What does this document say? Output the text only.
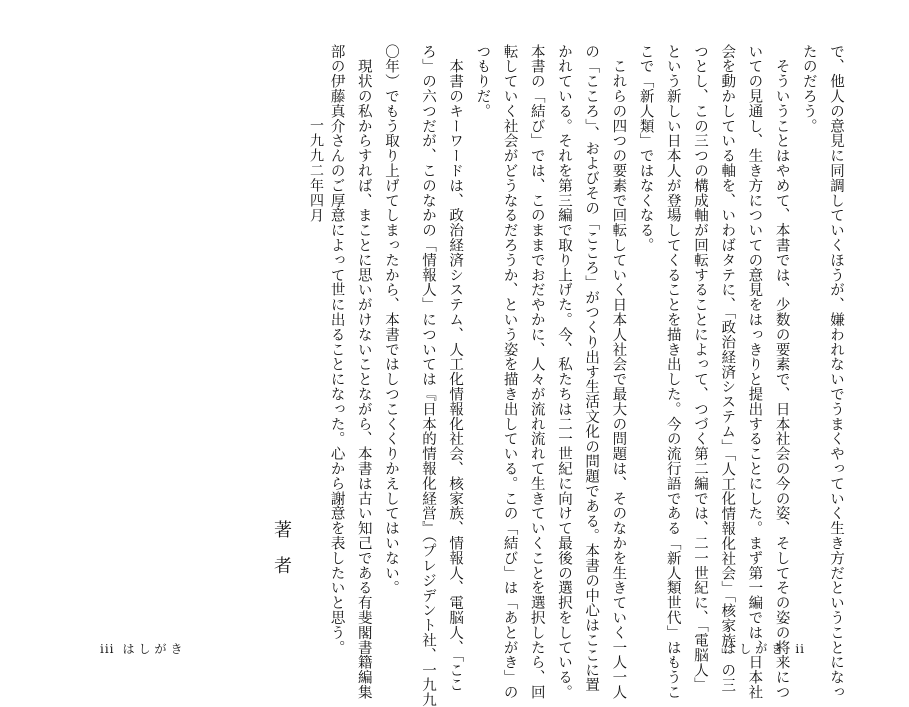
で、他人の意見に同調していくほうが、嫌われないでうまくやっていく生き方だということになっ
たのだろう。
　そういうことはやめて、本書では、少数の要素で、日本社会の今の姿、そしてその姿の将来につ
いての見通し、生き方についての意見をはっきりと提出することにした。まず第一編では、日本社
会を動かしている軸を、いわばタテに、「政治経済システム」「人工化情報化社会」「核家族」の三
つとし、この三つの構成軸が回転することによって、つづく第二編では、二一世紀に、「電脳人」
という新しい日本人が登場してくることを描き出した。今の流行語である「新人類世代」はもうこ
こで「新人類」ではなくなる。
　これらの四つの要素で回転していく日本人社会で最大の問題は、そのなかを生きていく一人一人
の「こころ」、およびその「こころ」がつくり出す生活文化の問題である。本書の中心はここに置
かれている。それを第三編で取り上げた。今、私たちは二一世紀に向けて最後の選択をしている。
本書の「結び」では、このままでおだやかに、人々が流れ流れて生きていくことを選択したら、回
転していく社会がどうなるだろうか、という姿を描き出している。この「結び」は「あとがき」の
つもりだ。
　本書のキーワードは、政治経済システム、人工化情報化社会、核家族、情報人、電脳人、「ここ
ろ」の六つだが、このなかの「情報人」については『日本的情報化経営』（プレジデント社、一九九	はしがき ii
〇年）でもう取り上げてしまったから、本書ではしつこくくりかえしてはいない。
　現状の私からすれば、まことに思いがけないことながら、本書は古い知己である有斐閣書籍編集
部の伊藤真介さんのご厚意によって世に出ることになった。心から謝意を表したいと思う。
一九九二年四月
著者
iii はしがき
